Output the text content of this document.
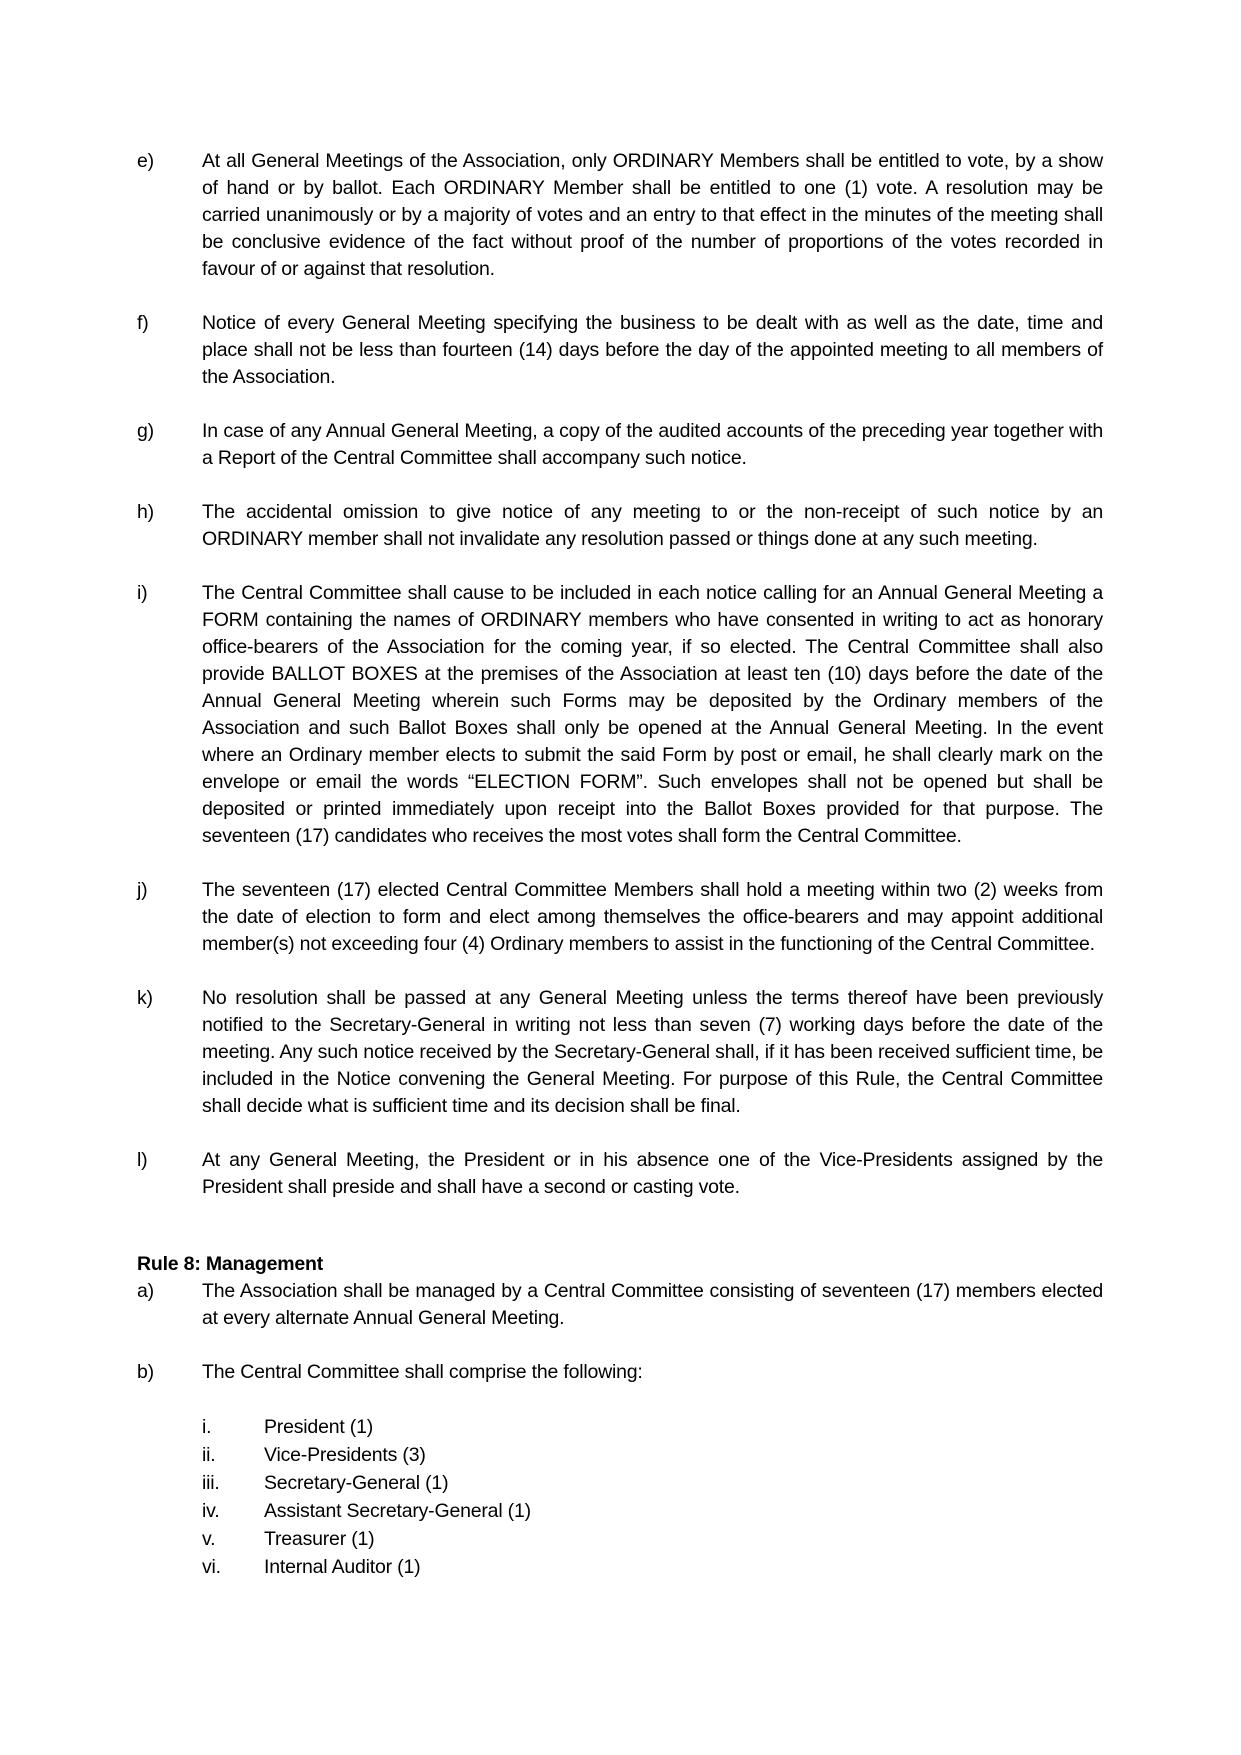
e)	At all General Meetings of the Association, only ORDINARY Members shall be entitled to vote, by a show of hand or by ballot. Each ORDINARY Member shall be entitled to one (1) vote. A resolution may be carried unanimously or by a majority of votes and an entry to that effect in the minutes of the meeting shall be conclusive evidence of the fact without proof of the number of proportions of the votes recorded in favour of or against that resolution.
f)	Notice of every General Meeting specifying the business to be dealt with as well as the date, time and place shall not be less than fourteen (14) days before the day of the appointed meeting to all members of the Association.
g)	In case of any Annual General Meeting, a copy of the audited accounts of the preceding year together with a Report of the Central Committee shall accompany such notice.
h)	The accidental omission to give notice of any meeting to or the non-receipt of such notice by an ORDINARY member shall not invalidate any resolution passed or things done at any such meeting.
i)	The Central Committee shall cause to be included in each notice calling for an Annual General Meeting a FORM containing the names of ORDINARY members who have consented in writing to act as honorary office-bearers of the Association for the coming year, if so elected. The Central Committee shall also provide BALLOT BOXES at the premises of the Association at least ten (10) days before the date of the Annual General Meeting wherein such Forms may be deposited by the Ordinary members of the Association and such Ballot Boxes shall only be opened at the Annual General Meeting. In the event where an Ordinary member elects to submit the said Form by post or email, he shall clearly mark on the envelope or email the words “ELECTION FORM”. Such envelopes shall not be opened but shall be deposited or printed immediately upon receipt into the Ballot Boxes provided for that purpose. The seventeen (17) candidates who receives the most votes shall form the Central Committee.
j)	The seventeen (17) elected Central Committee Members shall hold a meeting within two (2) weeks from the date of election to form and elect among themselves the office-bearers and may appoint additional member(s) not exceeding four (4) Ordinary members to assist in the functioning of the Central Committee.
k)	No resolution shall be passed at any General Meeting unless the terms thereof have been previously notified to the Secretary-General in writing not less than seven (7) working days before the date of the meeting. Any such notice received by the Secretary-General shall, if it has been received sufficient time, be included in the Notice convening the General Meeting. For purpose of this Rule, the Central Committee shall decide what is sufficient time and its decision shall be final.
l)	At any General Meeting, the President or in his absence one of the Vice-Presidents assigned by the President shall preside and shall have a second or casting vote.
Rule 8: Management
a)	The Association shall be managed by a Central Committee consisting of seventeen (17) members elected at every alternate Annual General Meeting.
b)	The Central Committee shall comprise the following:
i.	President (1)
ii.	Vice-Presidents (3)
iii.	Secretary-General (1)
iv.	Assistant Secretary-General (1)
v.	Treasurer (1)
vi.	Internal Auditor (1)
